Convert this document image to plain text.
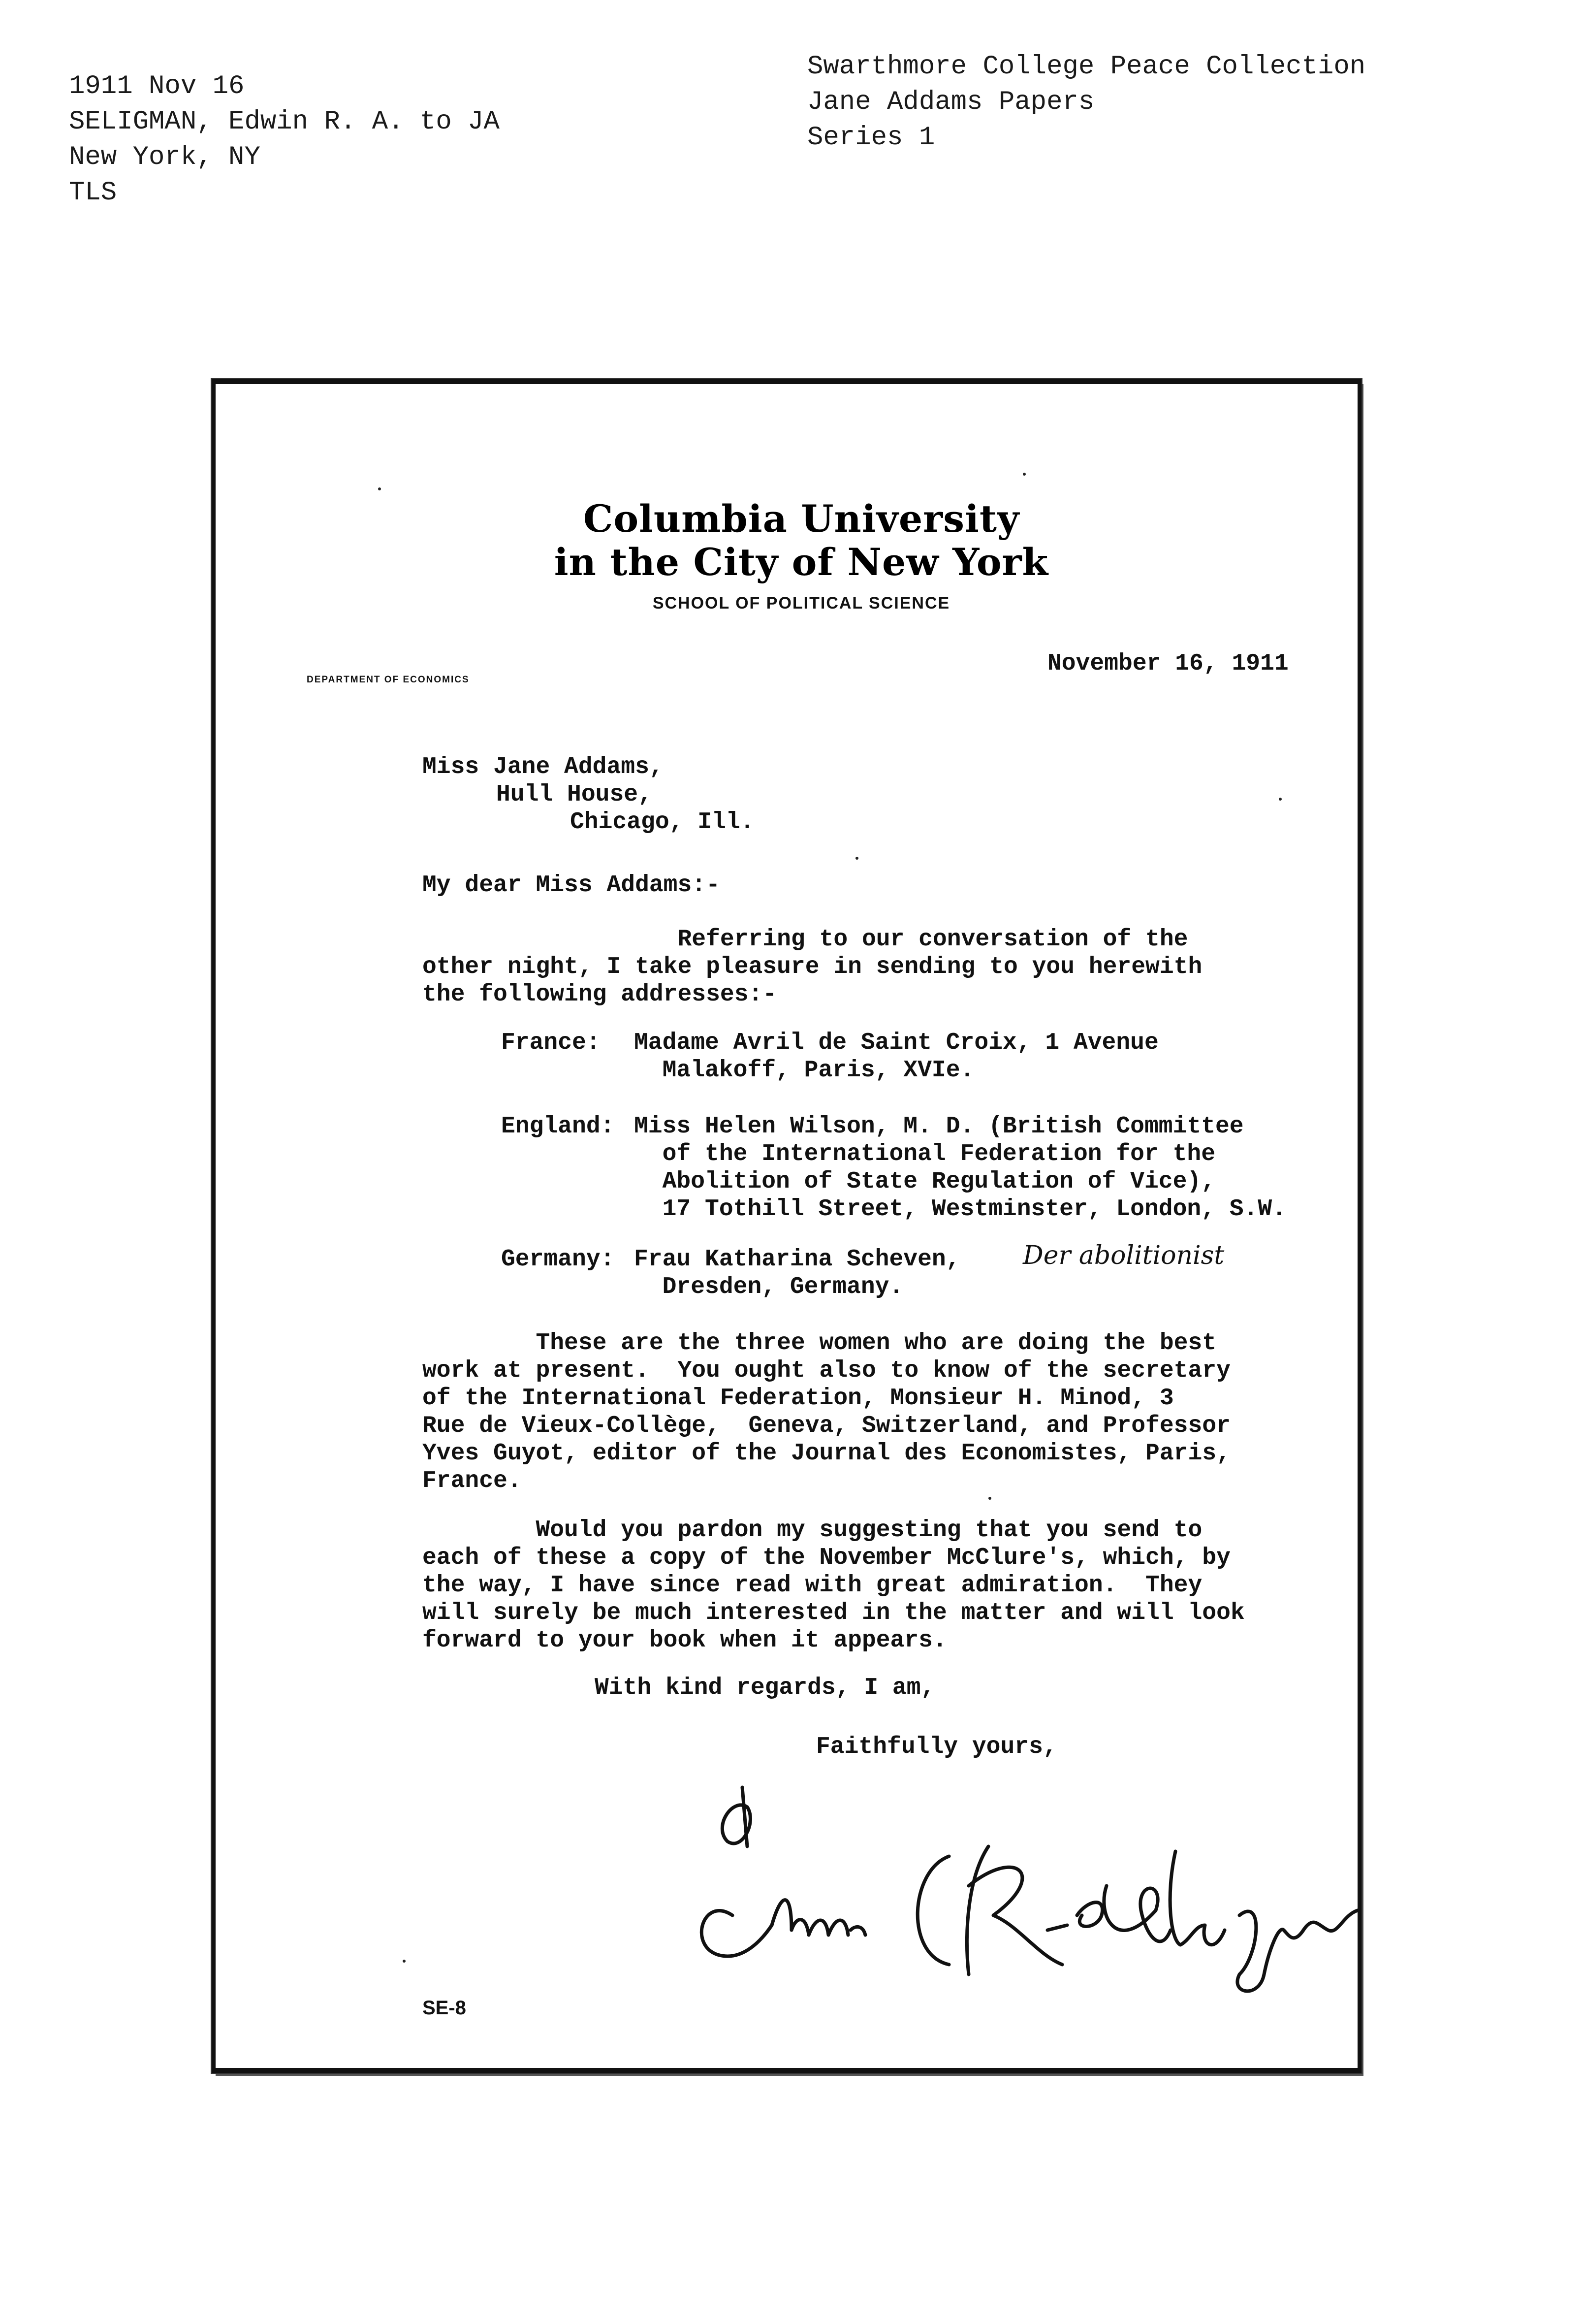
1911 Nov 16
SELIGMAN, Edwin R. A. to JA
New York, NY
TLS
Swarthmore College Peace Collection
Jane Addams Papers
Series 1
Columbia University
in the City of New York
SCHOOL OF POLITICAL SCIENCE
DEPARTMENT OF ECONOMICS
November 16, 1911
Miss Jane Addams,
Hull House,
Chicago, Ill.
My dear Miss Addams:-
Referring to our conversation of the
other night, I take pleasure in sending to you herewith
the following addresses:-
France: Madame Avril de Saint Croix, 1 Avenue
Malakoff, Paris, XVIe.
England: Miss Helen Wilson, M. D. (British Committee
of the International Federation for the
Abolition of State Regulation of Vice),
17 Tothill Street, Westminster, London, S.W.
Germany: Frau Katharina Scheven,
Dresden, Germany.
Der abolitionist
These are the three women who are doing the best
work at present.  You ought also to know of the secretary
of the International Federation, Monsieur H. Minod, 3
Rue de Vieux-Collège,  Geneva, Switzerland, and Professor
Yves Guyot, editor of the Journal des Economistes, Paris,
France.
Would you pardon my suggesting that you send to
each of these a copy of the November McClure's, which, by
the way, I have since read with great admiration.  They
will surely be much interested in the matter and will look
forward to your book when it appears.
With kind regards, I am,
Faithfully yours,
SE-8
